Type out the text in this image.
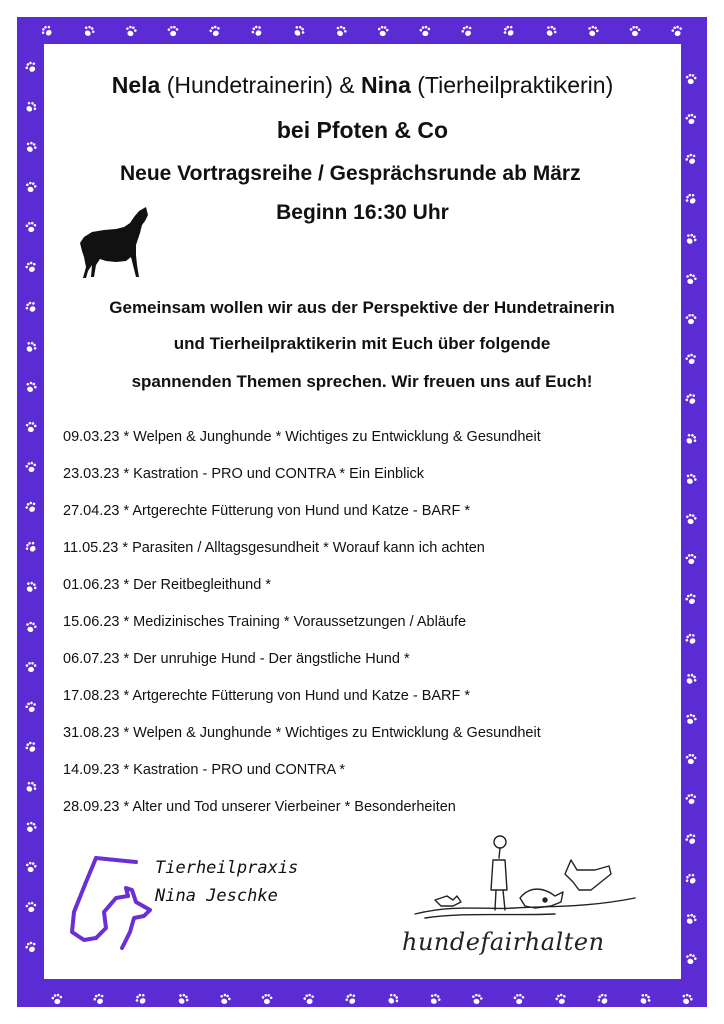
Nela (Hundetrainerin) & Nina (Tierheilpraktikerin)
bei Pfoten & Co
Neue Vortragsreihe / Gesprächsrunde ab März
Beginn 16:30 Uhr
Gemeinsam wollen wir aus der Perspektive der Hundetrainerin
und Tierheilpraktikerin mit Euch über folgende
spannenden Themen sprechen. Wir freuen uns auf Euch!
09.03.23 * Welpen & Junghunde * Wichtiges zu Entwicklung & Gesundheit
23.03.23 * Kastration - PRO und CONTRA * Ein Einblick
27.04.23 * Artgerechte Fütterung von Hund und Katze - BARF *
11.05.23 * Parasiten / Alltagsgesundheit * Worauf kann ich achten
01.06.23 * Der Reitbegleithund *
15.06.23 * Medizinisches Training * Voraussetzungen / Abläufe
06.07.23 * Der unruhige Hund - Der ängstliche Hund *
17.08.23 * Artgerechte Fütterung von Hund und Katze - BARF *
31.08.23 * Welpen & Junghunde * Wichtiges zu Entwicklung & Gesundheit
14.09.23 * Kastration - PRO und CONTRA *
28.09.23 * Alter und Tod unserer Vierbeiner * Besonderheiten
Tierheilpraxis
Nina Jeschke
hundefairhalten
